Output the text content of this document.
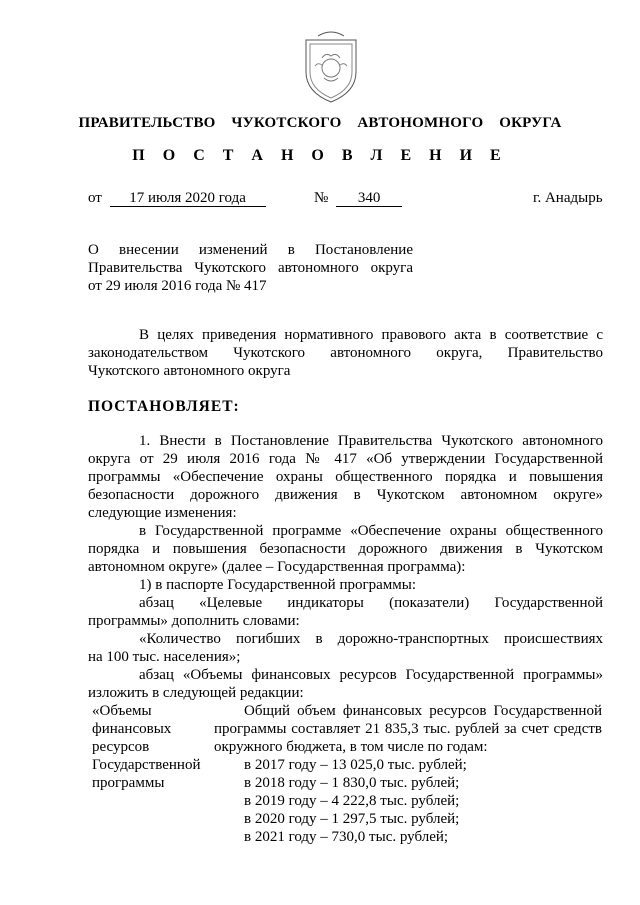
ПРАВИТЕЛЬСТВО  ЧУКОТСКОГО  АВТОНОМНОГО  ОКРУГА
П О С Т А Н О В Л Е Н И Е
от 17 июля 2020 года	№ 340	г. Анадырь
О внесении изменений в Постановление
Правительства Чукотского автономного округа
от 29 июля 2016 года № 417
В целях приведения нормативного правового акта в соответствие с
законодательством Чукотского автономного округа, Правительство
Чукотского автономного округа
ПОСТАНОВЛЯЕТ:
1. Внести в Постановление Правительства Чукотского автономного
округа от 29 июля 2016 года № 417 «Об утверждении Государственной
программы «Обеспечение охраны общественного порядка и повышения
безопасности дорожного движения в Чукотском автономном округе»
следующие изменения:
в Государственной программе «Обеспечение охраны общественного
порядка и повышения безопасности дорожного движения в Чукотском
автономном округе» (далее – Государственная программа):
1) в паспорте Государственной программы:
абзац «Целевые индикаторы (показатели) Государственной
программы» дополнить словами:
«Количество погибших в дорожно-транспортных происшествиях
на 100 тыс. населения»;
абзац «Объемы финансовых ресурсов Государственной программы»
изложить в следующей редакции:
«Объемы
финансовых
ресурсов
Государственной
программы
Общий объем финансовых ресурсов Государственной
программы составляет 21 835,3 тыс. рублей за счет средств
окружного бюджета, в том числе по годам:
в 2017 году – 13 025,0 тыс. рублей;
в 2018 году – 1 830,0 тыс. рублей;
в 2019 году – 4 222,8 тыс. рублей;
в 2020 году – 1 297,5 тыс. рублей;
в 2021 году – 730,0 тыс. рублей;
